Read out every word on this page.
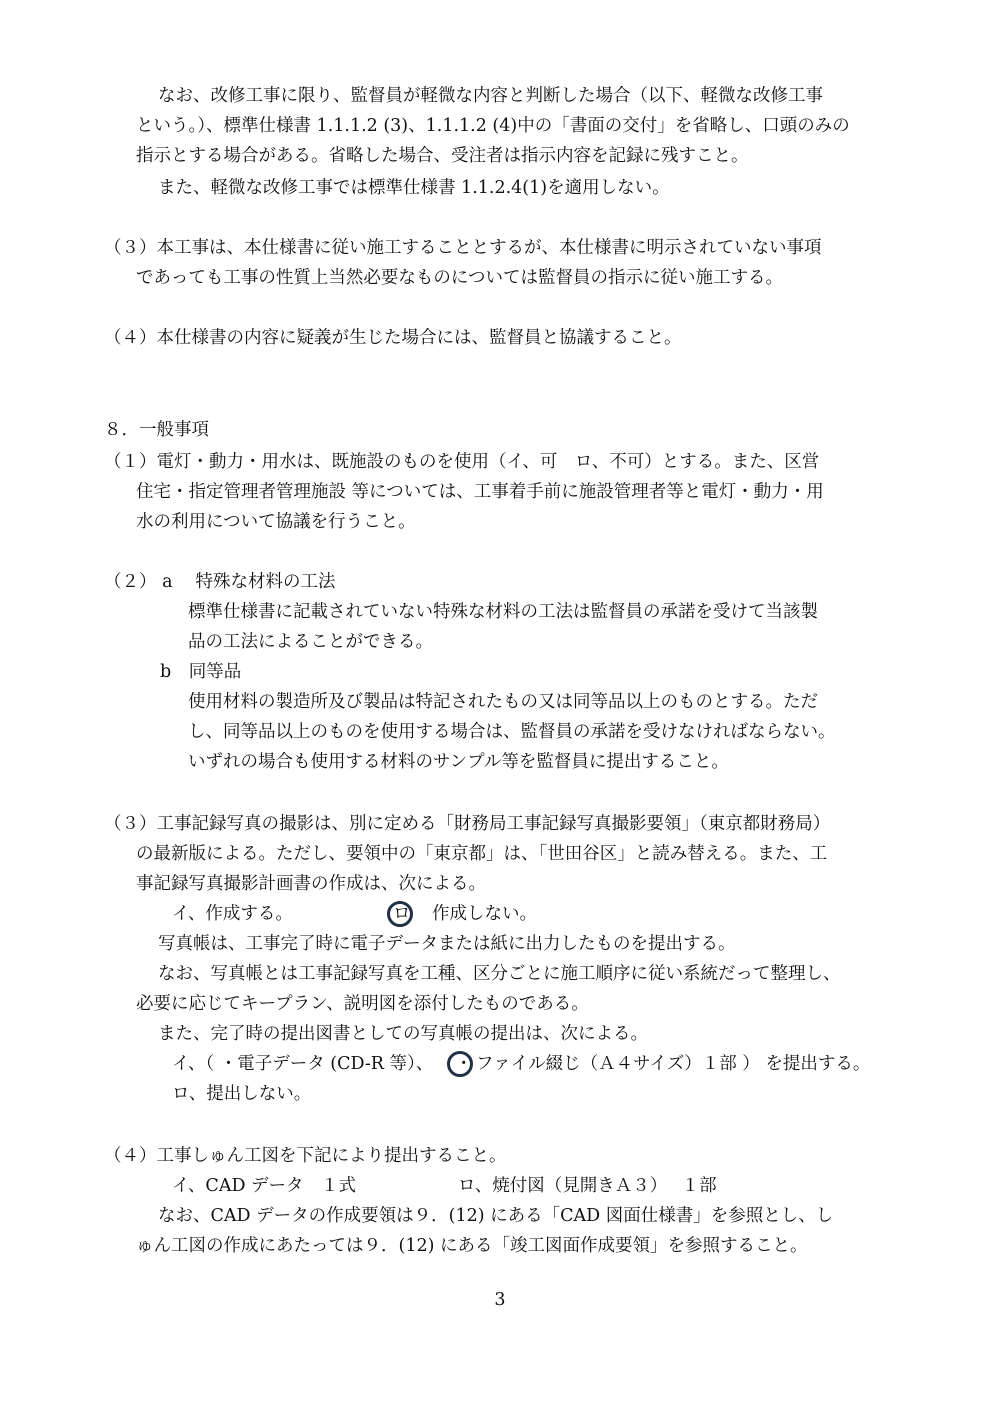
なお、改修工事に限り、監督員が軽微な内容と判断した場合（以下、軽微な改修工事
という。）、標準仕様書 1.1.1.2 (3)、1.1.1.2 (4)中の「書面の交付」を省略し、口頭のみの
指示とする場合がある。省略した場合、受注者は指示内容を記録に残すこと。
また、軽微な改修工事では標準仕様書 1.1.2.4(1)を適用しない。
（３）本工事は、本仕様書に従い施工することとするが、本仕様書に明示されていない事項
であっても工事の性質上当然必要なものについては監督員の指示に従い施工する。
（４）本仕様書の内容に疑義が生じた場合には、監督員と協議すること。
８．一般事項
（１）電灯・動力・用水は、既施設のものを使用（イ、可　ロ、不可）とする。また、区営
住宅・指定管理者管理施設 等については、工事着手前に施設管理者等と電灯・動力・用
水の利用について協議を行うこと。
（２） a　 特殊な材料の工法
標準仕様書に記載されていない特殊な材料の工法は監督員の承諾を受けて当該製
品の工法によることができる。
b　同等品
使用材料の製造所及び製品は特記されたもの又は同等品以上のものとする。ただ
し、同等品以上のものを使用する場合は、監督員の承諾を受けなければならない。
いずれの場合も使用する材料のサンプル等を監督員に提出すること。
（３）工事記録写真の撮影は、別に定める「財務局工事記録写真撮影要領」（東京都財務局）
の最新版による。ただし、要領中の「東京都」は、「世田谷区」と読み替える。また、工
事記録写真撮影計画書の作成は、次による。
イ、作成する。	ロ 作成しない。
写真帳は、工事完了時に電子データまたは紙に出力したものを提出する。
なお、写真帳とは工事記録写真を工種、区分ごとに施工順序に従い系統だって整理し、
必要に応じてキープラン、説明図を添付したものである。
また、完了時の提出図書としての写真帳の提出は、次による。
イ、（ ・電子データ (CD-R 等）、 ・ ファイル綴じ（Ａ４サイズ）１部 ） を提出する。
ロ、提出しない。
（４）工事しゅん工図を下記により提出すること。
イ、CAD データ　１式	ロ、焼付図（見開きＡ３）　 １部
なお、CAD データの作成要領は９．(12) にある「CAD 図面仕様書」を参照とし、し
ゅん工図の作成にあたっては９．(12) にある「竣工図面作成要領」を参照すること。
3
